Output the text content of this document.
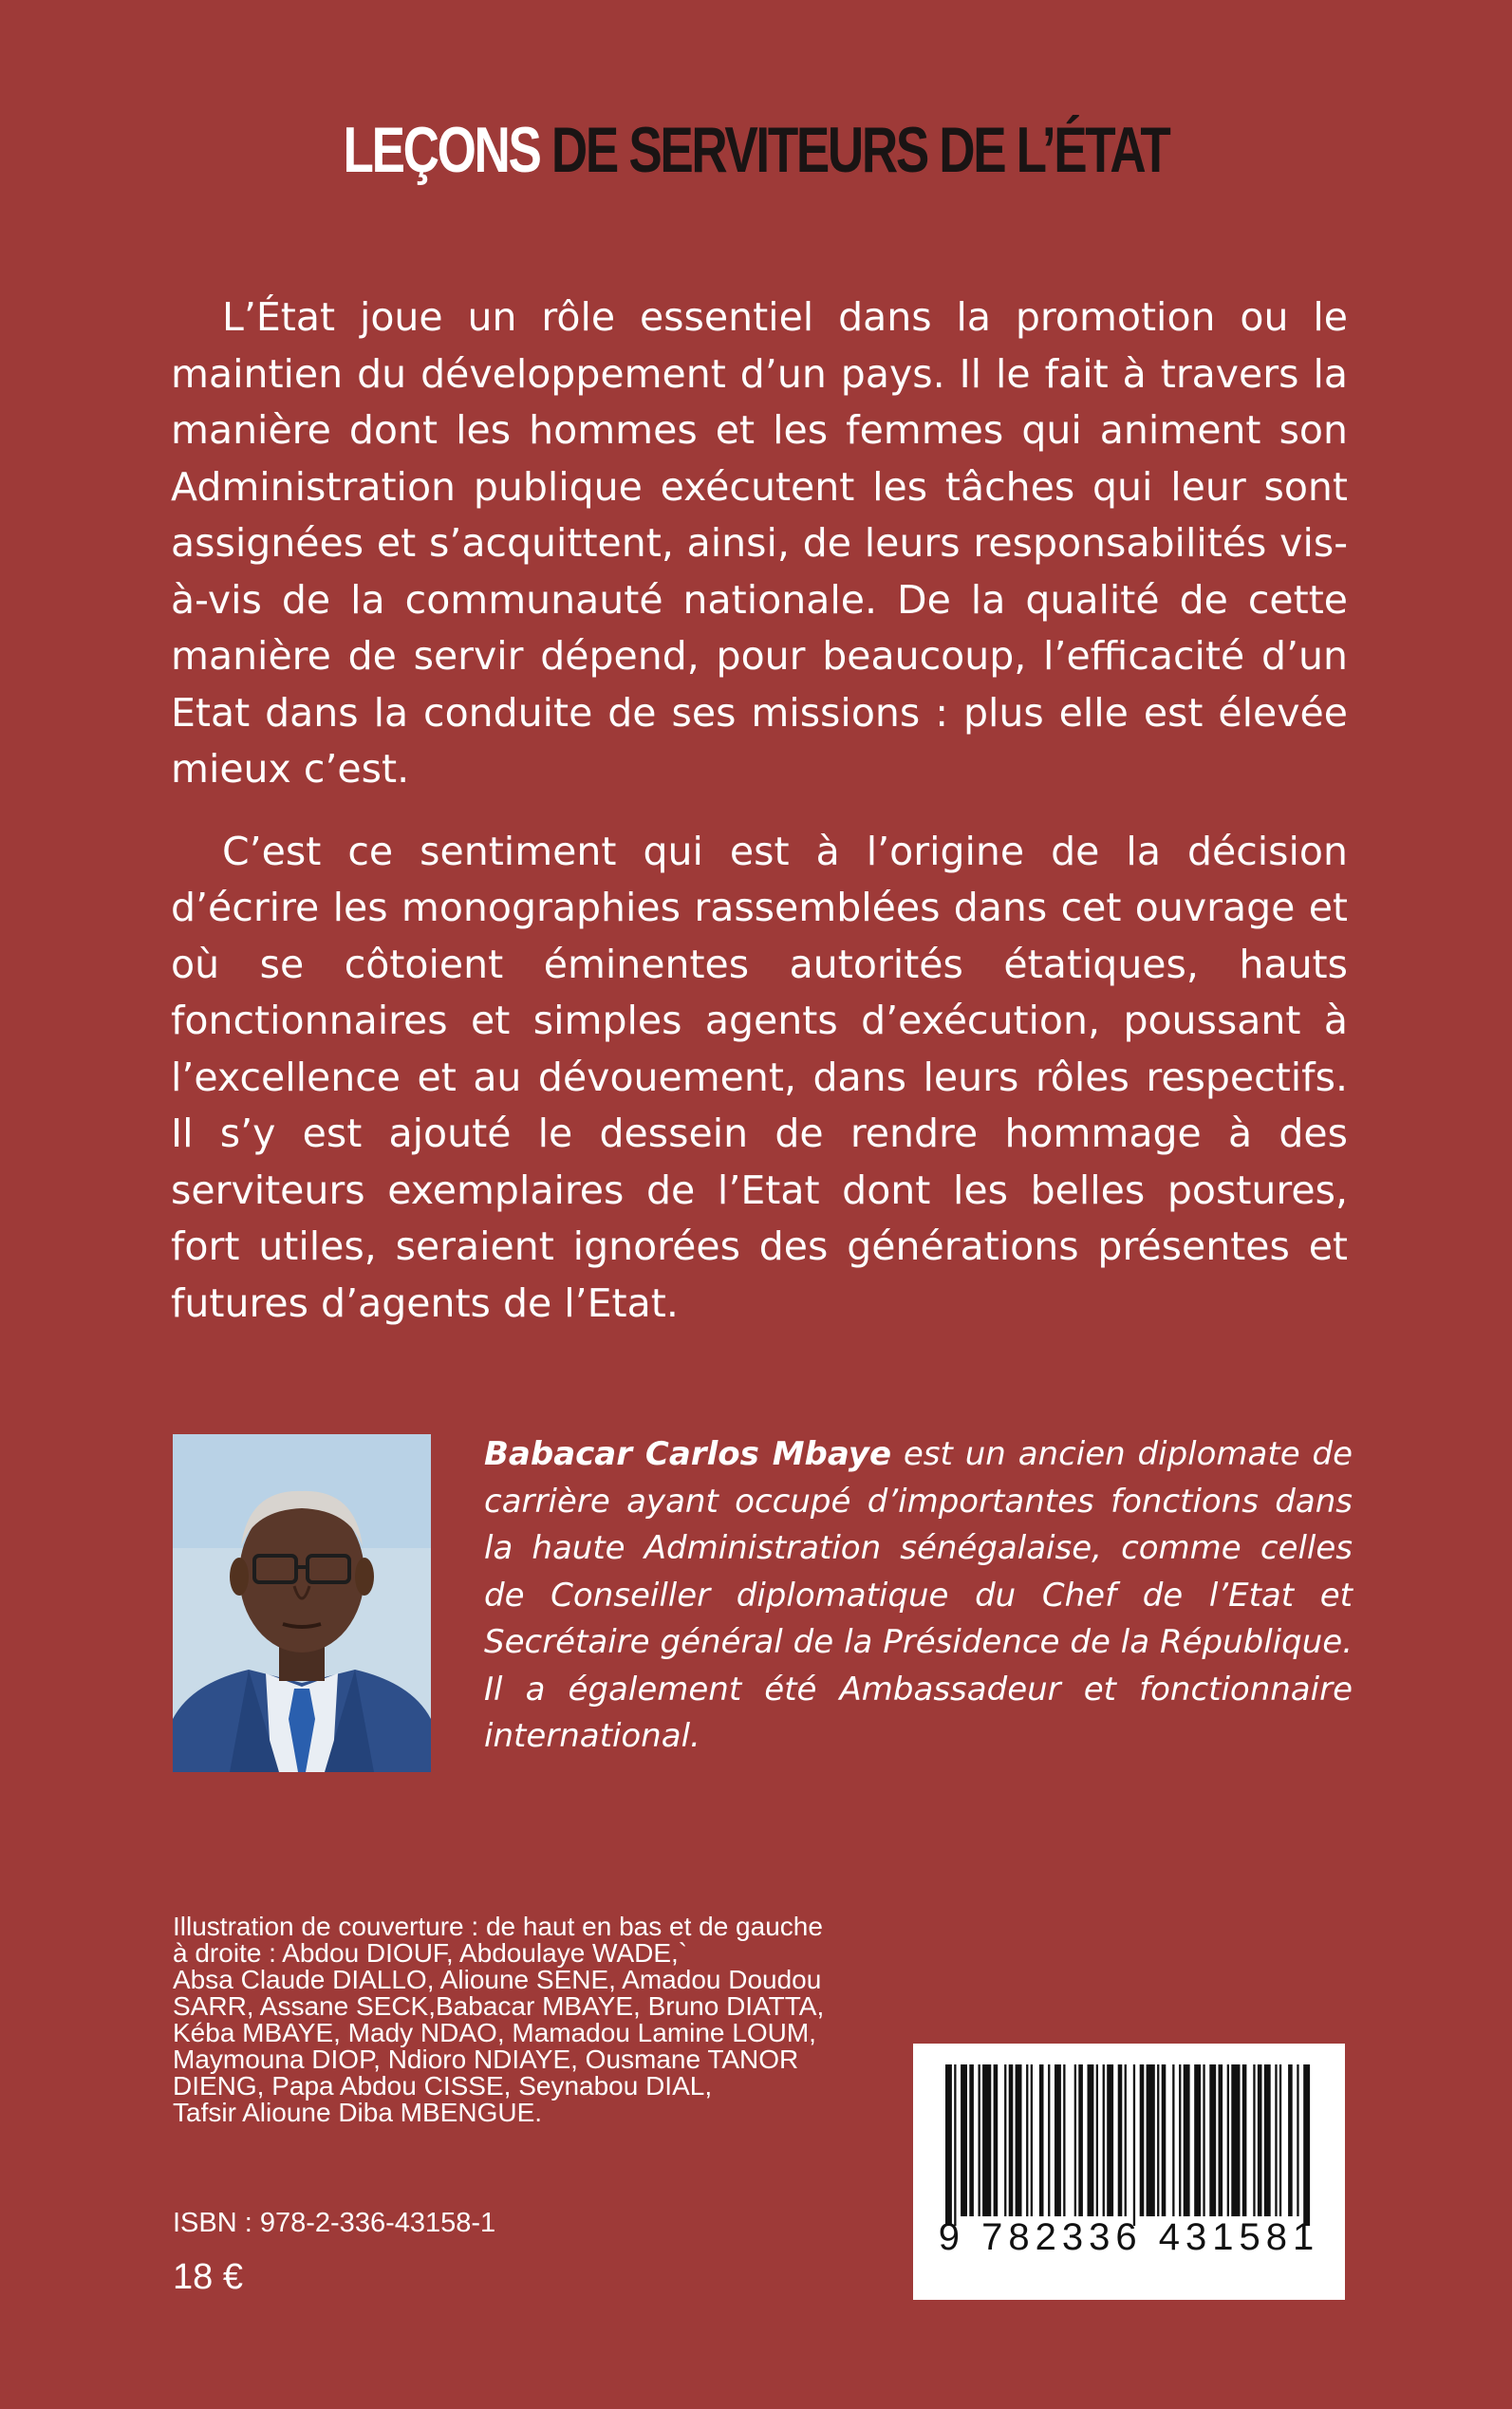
LEÇONS DE SERVITEURS DE L’ÉTAT

L’État joue un rôle essentiel dans la promotion ou le maintien du développement d’un pays. Il le fait à travers la manière dont les hommes et les femmes qui animent son Administration publique exécutent les tâches qui leur sont assignées et s’acquittent, ainsi, de leurs responsabilités vis-à-vis de la communauté nationale. De la qualité de cette manière de servir dépend, pour beaucoup, l’efficacité d’un Etat dans la conduite de ses missions : plus elle est élevée mieux c’est.

C’est ce sentiment qui est à l’origine de la décision d’écrire les monographies rassemblées dans cet ouvrage et où se côtoient éminentes autorités étatiques, hauts fonctionnaires et simples agents d’exécution, poussant à l’excellence et au dévouement, dans leurs rôles respectifs. Il s’y est ajouté le dessein de rendre hommage à des serviteurs exemplaires de l’Etat dont les belles postures, fort utiles, seraient ignorées des générations présentes et futures d’agents de l’Etat.

Babacar Carlos Mbaye est un ancien diplomate de carrière ayant occupé d’importantes fonctions dans la haute Administration sénégalaise, comme celles de Conseiller diplomatique du Chef de l’Etat et Secrétaire général de la Présidence de la République. Il a également été Ambassadeur et fonctionnaire international.

Illustration de couverture : de haut en bas et de gauche
à droite : Abdou DIOUF, Abdoulaye WADE,`
Absa Claude DIALLO, Alioune SENE, Amadou Doudou
SARR, Assane SECK,Babacar MBAYE, Bruno DIATTA,
Kéba MBAYE, Mady NDAO, Mamadou Lamine LOUM,
Maymouna DIOP, Ndioro NDIAYE, Ousmane TANOR
DIENG, Papa Abdou CISSE, Seynabou DIAL,
Tafsir Alioune Diba MBENGUE.

ISBN : 978-2-336-43158-1
18 €
9 782336 431581
